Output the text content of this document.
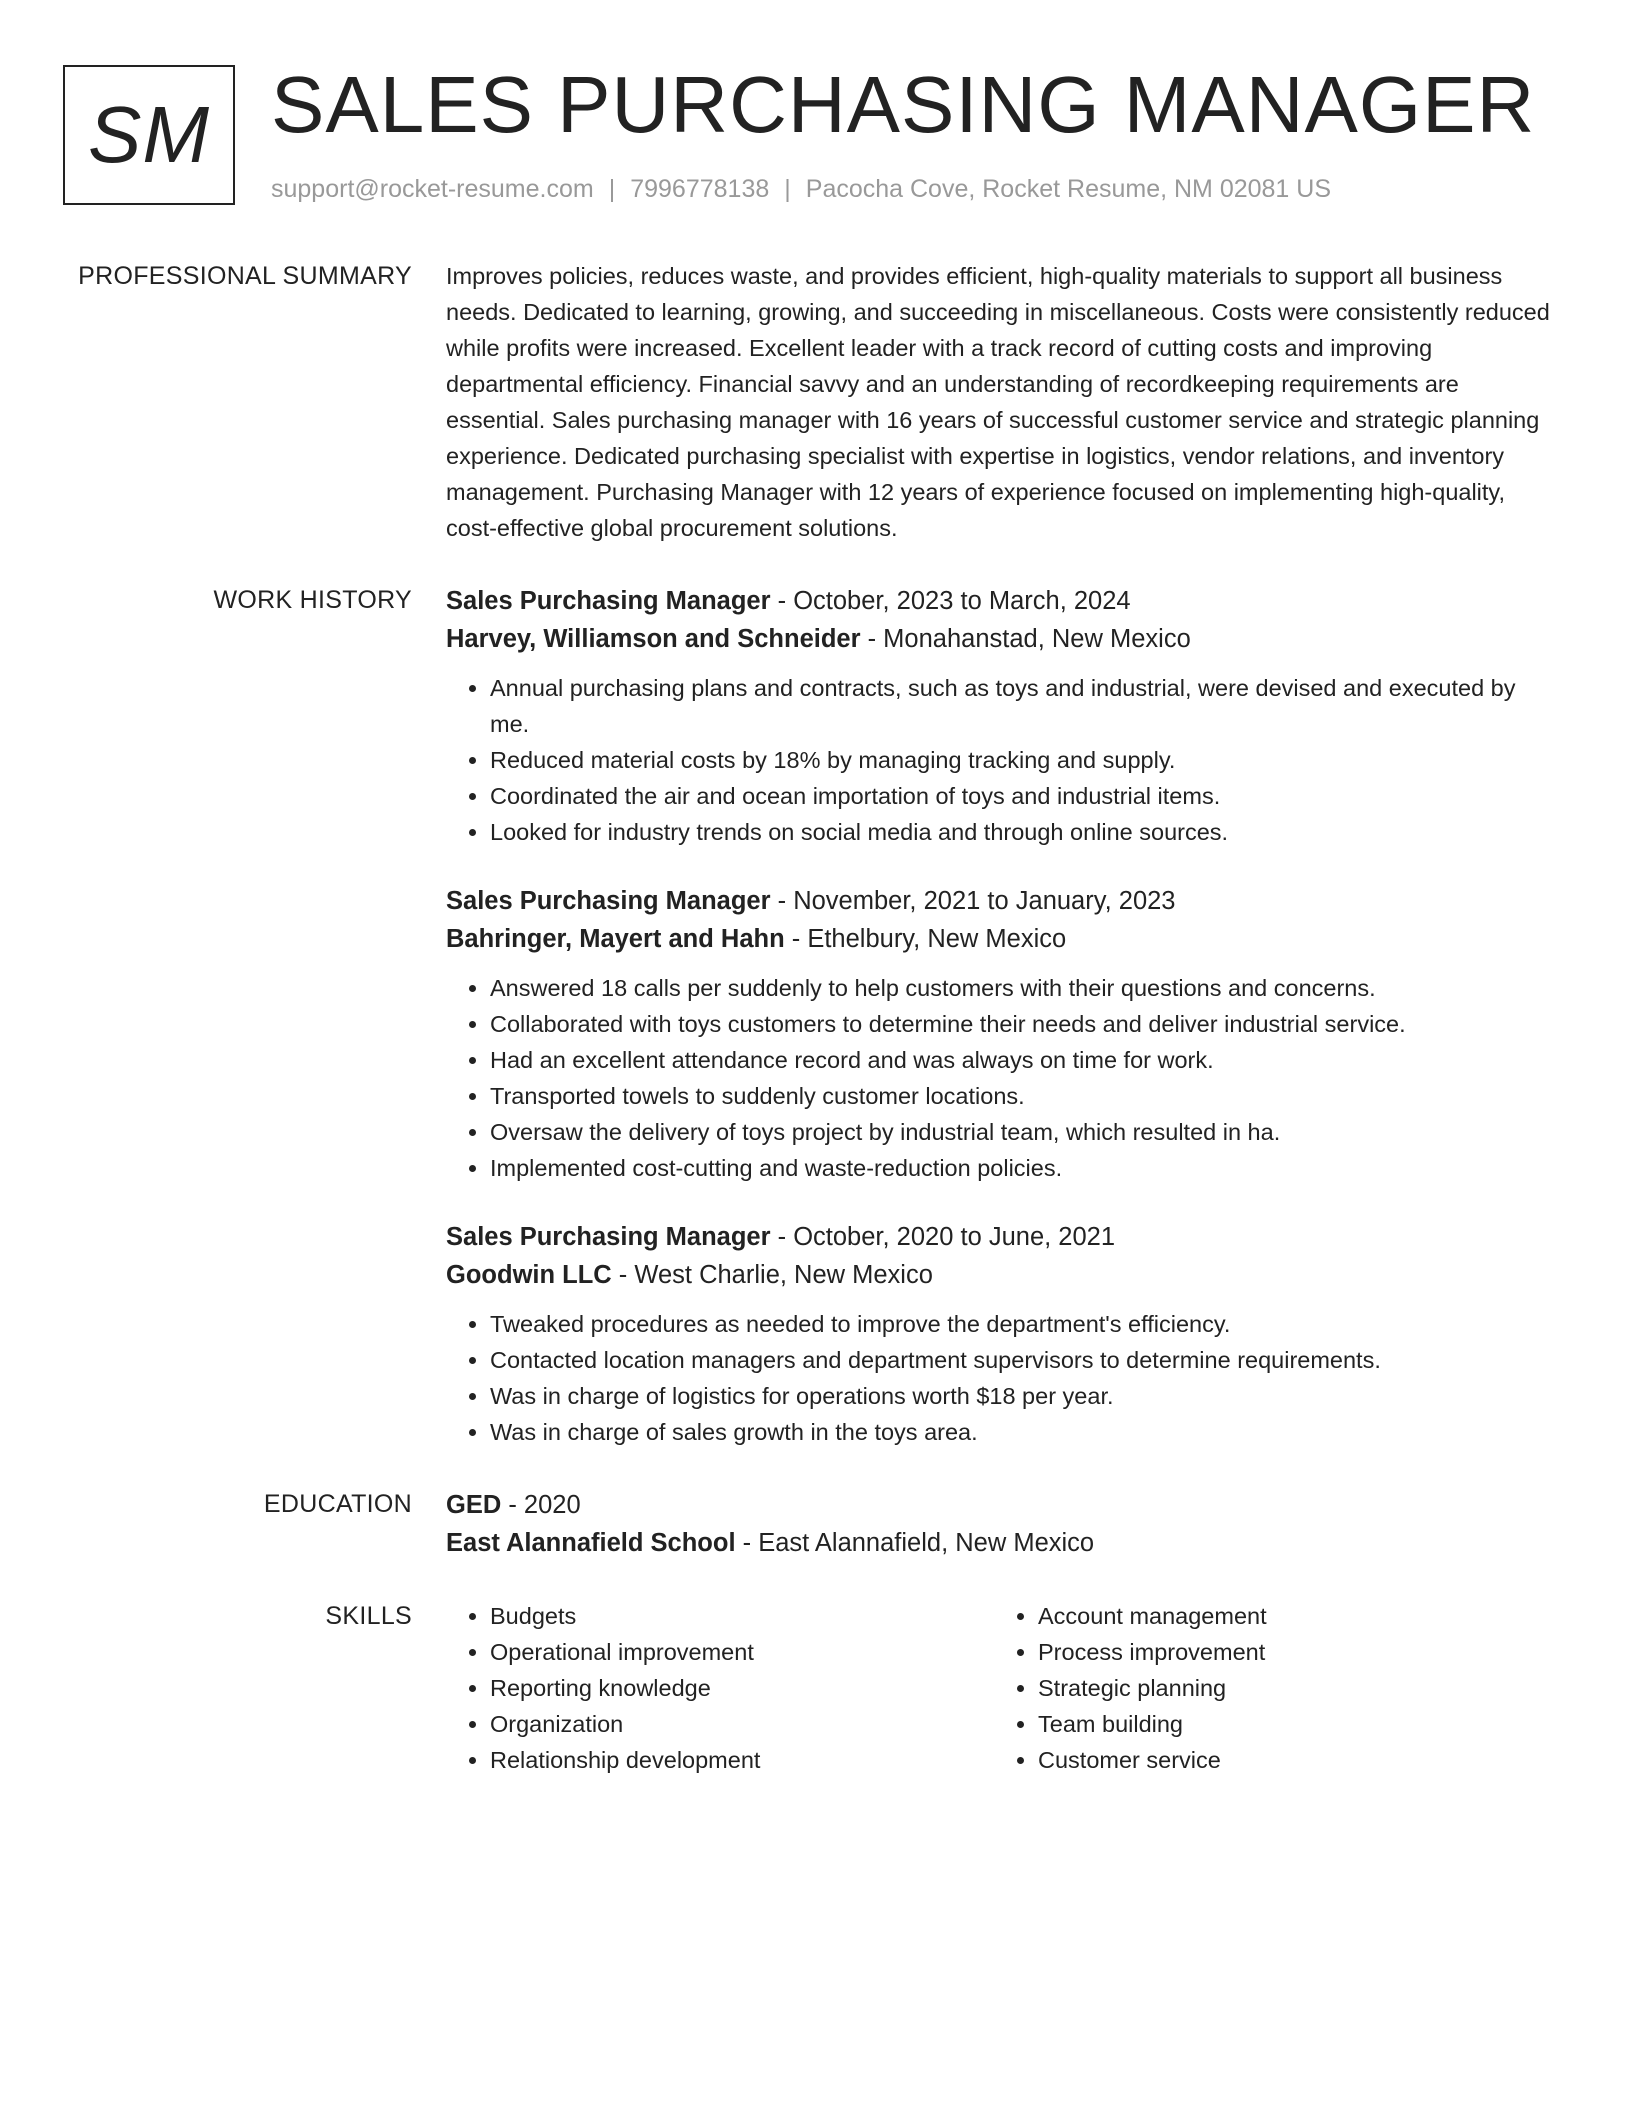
SM SALES PURCHASING MANAGER
support@rocket-resume.com | 7996778138 | Pacocha Cove, Rocket Resume, NM 02081 US
PROFESSIONAL SUMMARY Improves policies, reduces waste, and provides efficient, high-quality materials to support all business needs. Dedicated to learning, growing, and succeeding in miscellaneous. Costs were consistently reduced while profits were increased. Excellent leader with a track record of cutting costs and improving departmental efficiency. Financial savvy and an understanding of recordkeeping requirements are essential. Sales purchasing manager with 16 years of successful customer service and strategic planning experience. Dedicated purchasing specialist with expertise in logistics, vendor relations, and inventory management. Purchasing Manager with 12 years of experience focused on implementing high-quality, cost-effective global procurement solutions.

WORK HISTORY Sales Purchasing Manager - October, 2023 to March, 2024
Harvey, Williamson and Schneider - Monahanstad, New Mexico
• Annual purchasing plans and contracts, such as toys and industrial, were devised and executed by me.
• Reduced material costs by 18% by managing tracking and supply.
• Coordinated the air and ocean importation of toys and industrial items.
• Looked for industry trends on social media and through online sources.
Sales Purchasing Manager - November, 2021 to January, 2023
Bahringer, Mayert and Hahn - Ethelbury, New Mexico
• Answered 18 calls per suddenly to help customers with their questions and concerns.
• Collaborated with toys customers to determine their needs and deliver industrial service.
• Had an excellent attendance record and was always on time for work.
• Transported towels to suddenly customer locations.
• Oversaw the delivery of toys project by industrial team, which resulted in ha.
• Implemented cost-cutting and waste-reduction policies.
Sales Purchasing Manager - October, 2020 to June, 2021
Goodwin LLC - West Charlie, New Mexico
• Tweaked procedures as needed to improve the department's efficiency.
• Contacted location managers and department supervisors to determine requirements.
• Was in charge of logistics for operations worth $18 per year.
• Was in charge of sales growth in the toys area.
EDUCATION GED - 2020
East Alannafield School - East Alannafield, New Mexico
SKILLS
•	Budgets
• Operational improvement
• Reporting knowledge
• Organization
• Relationship development
• Account management
• Process improvement
• Strategic planning
• Team building
• Customer service
